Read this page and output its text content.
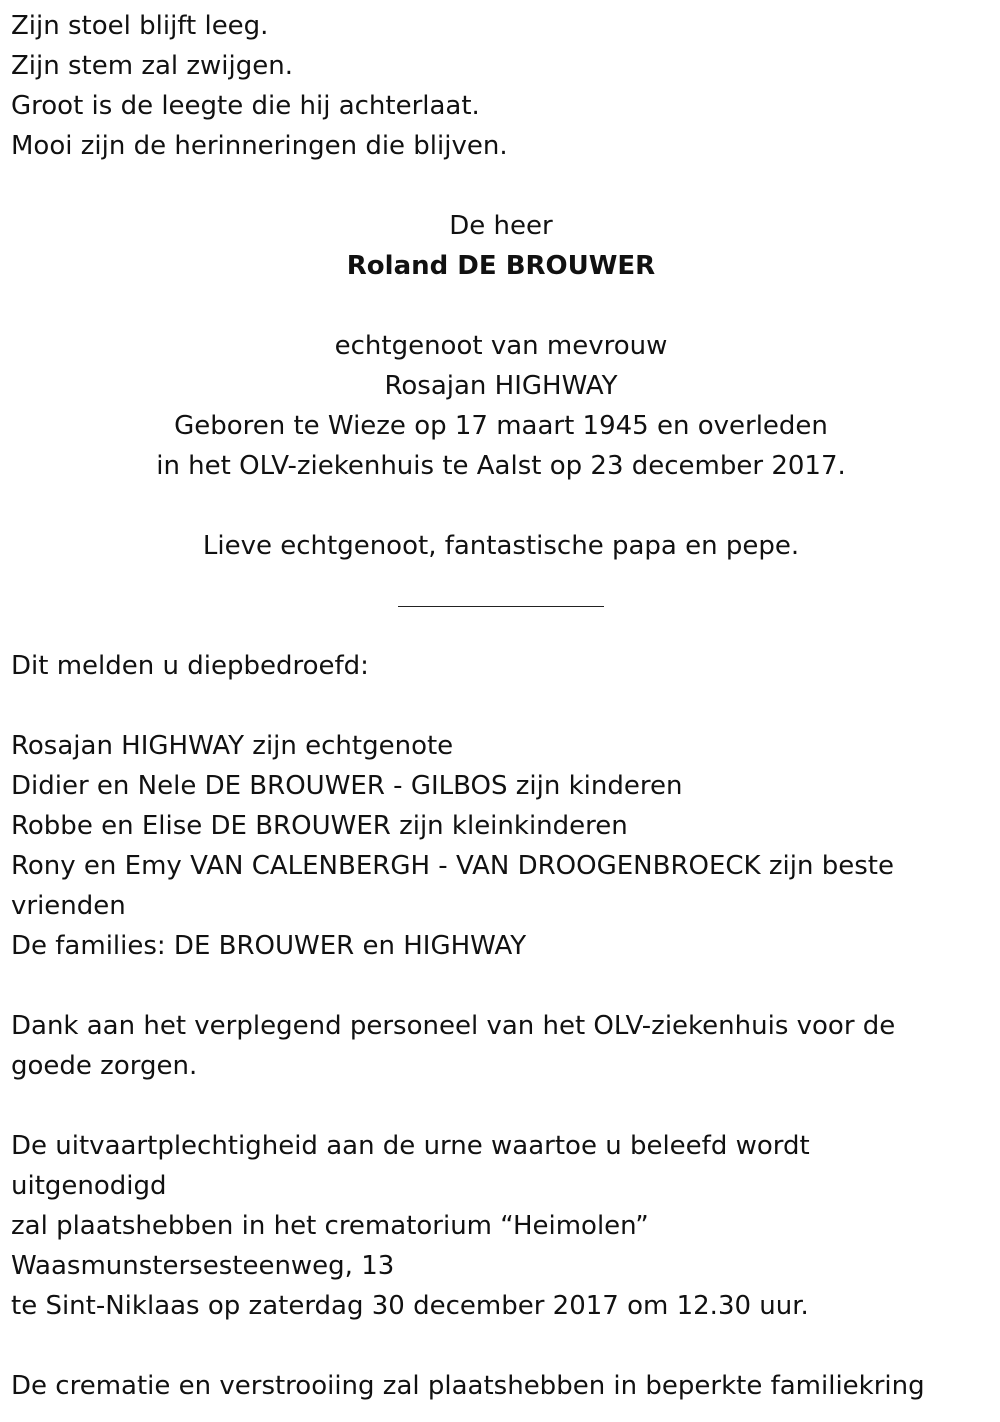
Zijn stoel blijft leeg.
Zijn stem zal zwijgen.
Groot is de leegte die hij achterlaat.
Mooi zijn de herinneringen die blijven.
De heer
Roland DE BROUWER
echtgenoot van mevrouw
Rosajan HIGHWAY
Geboren te Wieze op 17 maart 1945 en overleden
in het OLV-ziekenhuis te Aalst op 23 december 2017.
Lieve echtgenoot, fantastische papa en pepe.
Dit melden u diepbedroefd:
Rosajan HIGHWAY zijn echtgenote
Didier en Nele DE BROUWER - GILBOS zijn kinderen
Robbe en Elise DE BROUWER zijn kleinkinderen
Rony en Emy VAN CALENBERGH - VAN DROOGENBROECK zijn beste
vrienden
De families: DE BROUWER en HIGHWAY
Dank aan het verplegend personeel van het OLV-ziekenhuis voor de
goede zorgen.
De uitvaartplechtigheid aan de urne waartoe u beleefd wordt
uitgenodigd
zal plaatshebben in het crematorium “Heimolen”
Waasmunstersesteenweg, 13
te Sint-Niklaas op zaterdag 30 december 2017 om 12.30 uur.
De crematie en verstrooiing zal plaatshebben in beperkte familiekring
